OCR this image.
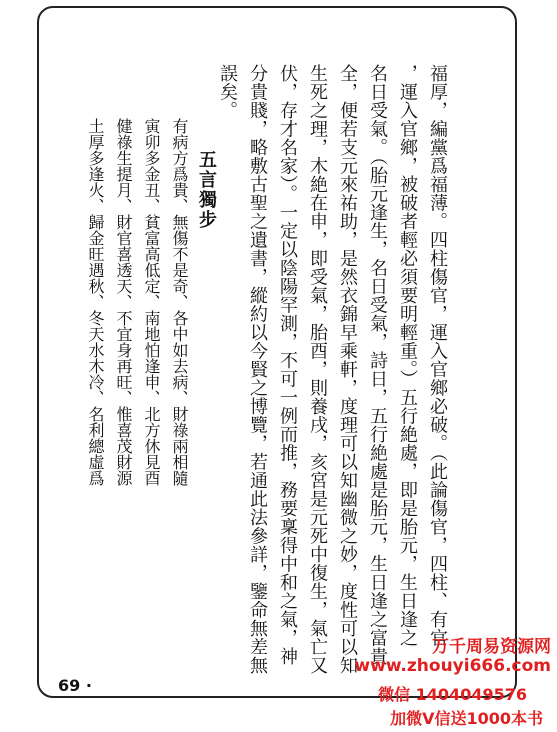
福厚，編黨爲福薄。四柱傷官，運入官鄉必破。（此論傷官，四柱、有官
，運入官鄉，被破者輕必須要明輕重。）五行絶處，即是胎元，生日逢之
名日受氣。（胎元逢生，名日受氣，詩日，五行絶處是胎元，生日逢之富貴
全，便若支元來祐助，是然衣錦早乘軒，度理可以知幽微之妙，度性可以知
生死之理，木絶在申，即受氣，胎酉，則養戌，亥宮是元死中復生，氣亡又
伏，存才名家）。一定以陰陽罕測，不可一例而推，務要稟得中和之氣，神
分貴賤，略敷古聖之遺書，縱約以今賢之博覽，若通此法參詳，鑒命無差無
誤矣。
五言獨步
有病方爲貴、無傷不是奇、各中如去病、財祿兩相隨
寅卯多金丑、貧富高低定、南地怕逢申、北方休見酉
健祿生提月、財官喜透天、不宜身再旺、惟喜茂財源
土厚多逢火、歸金旺遇秋、冬天水木冷、名利總虛爲
69 ·
万千周易资源网
www.zhouyi666.com
微信 1404049576
加微V信送1000本书
